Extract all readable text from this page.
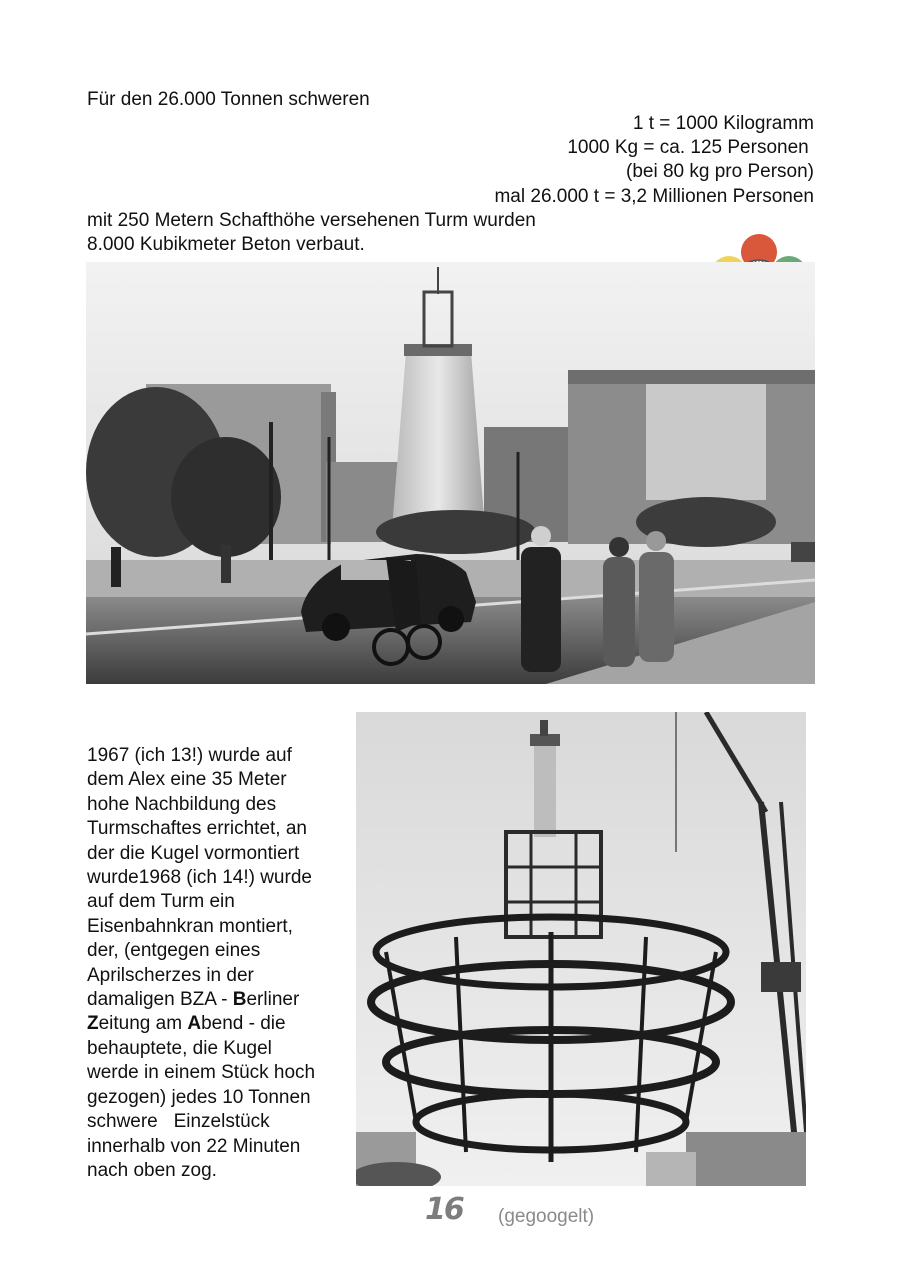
Für den 26.000 Tonnen schweren
1 t = 1000 Kilogramm
1000 Kg = ca. 125 Personen
(bei 80 kg pro Person)
mal 26.000 t = 3,2 Millionen Personen
mit 250 Metern Schafthöhe versehenen Turm wurden
8.000 Kubikmeter Beton verbaut.
1967 (ich 13!) wurde auf
dem Alex eine 35 Meter
hohe Nachbildung des
Turmschaftes errichtet, an
der die Kugel vormontiert
wurde1968 (ich 14!) wurde
auf dem Turm ein
Eisenbahnkran montiert,
der, (entgegen eines
Aprilscherzes in der
damaligen BZA - Berliner
Zeitung am Abend - die
behauptete, die Kugel
werde in einem Stück hoch
gezogen) jedes 10 Tonnen
schwere   Einzelstück
innerhalb von 22 Minuten
nach oben zog.
16 (gegoogelt)
